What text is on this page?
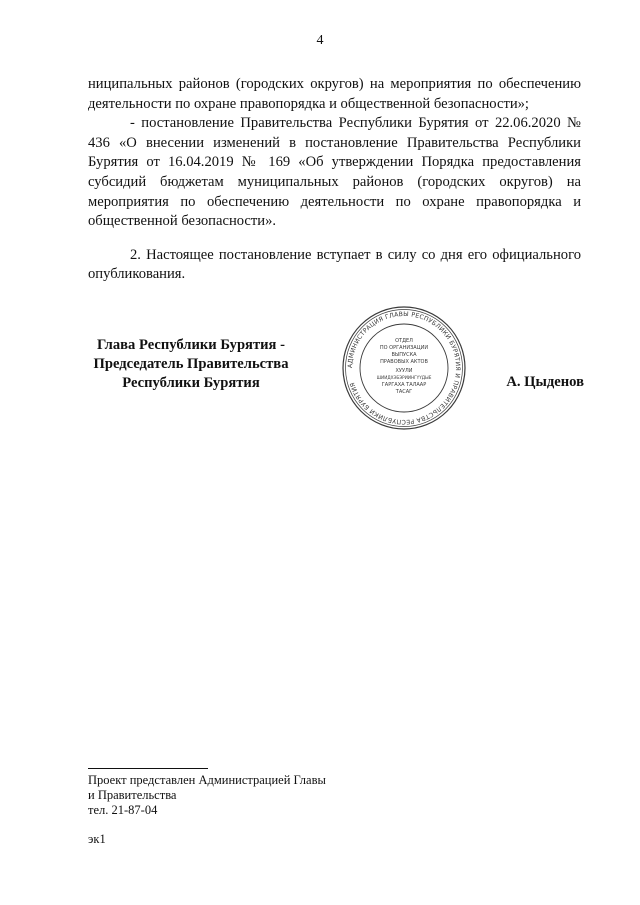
4

ниципальных районов (городских округов) на мероприятия по обеспечению деятельности по охране правопорядка и общественной безопасности»;

- постановление Правительства Республики Бурятия от 22.06.2020 № 436 «О внесении изменений в постановление Правительства Республики Бурятия от 16.04.2019 № 169 «Об утверждении Порядка предоставления субсидий бюджетам муниципальных районов (городских округов) на мероприятия по обеспечению деятельности по охране правопорядка и общественной безопасности».

2. Настоящее постановление вступает в силу со дня его официального опубликования.

Глава Республики Бурятия -
Председатель Правительства
Республики Бурятия
АДМИНИСТРАЦИЯ ГЛАВЫ РЕСПУБЛИКИ БУРЯТИЯ И ПРАВИТЕЛЬСТВА РЕСПУБЛИКИ БУРЯТИЯ
ОТДЕЛ
ПО ОРГАНИЗАЦИИ
ВЫПУСКА
ПРАВОВЫХ АКТОВ
ХУУЛИ
ШИИДХЭБЭРИИНГҮҮДЫЕ
ГАРГАХА ТАЛААР
ТАСАГ
А. Цыденов
Проект представлен Администрацией Главы
и Правительства
тел. 21-87-04
эк1
